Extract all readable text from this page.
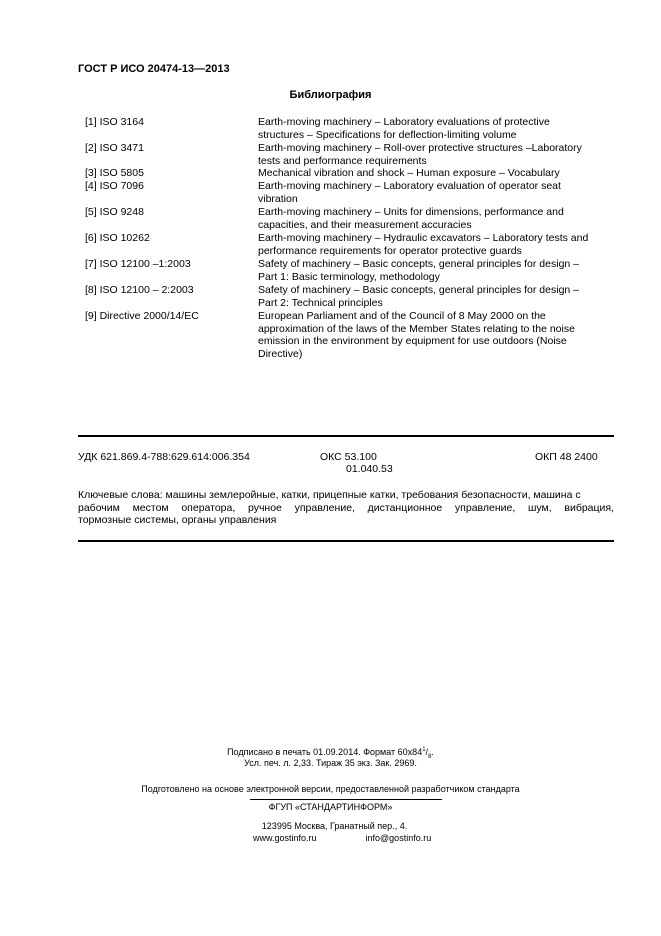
ГОСТ Р ИСО 20474-13—2013
Библиография
[1] ISO 3164	Earth-moving machinery – Laboratory evaluations of protective
structures – Specifications for deflection-limiting volume
[2] ISO 3471	Earth-moving machinery – Roll-over protective structures –Laboratory
tests and performance requirements
[3] ISO 5805	Mechanical vibration and shock – Human exposure – Vocabulary
[4] ISO 7096	Earth-moving machinery – Laboratory evaluation of operator seat
vibration
[5] ISO 9248	Earth-moving machinery – Units for dimensions, performance and
capacities, and their measurement accuracies
[6] ISO 10262	Earth-moving machinery – Hydraulic excavators – Laboratory tests and
performance requirements for operator protective guards
[7] ISO 12100 –1:2003	Safety of machinery – Basic concepts, general principles for design –
Part 1: Basic terminology, methodology
[8] ISO 12100 – 2:2003	Safety of machinery – Basic concepts, general principles for design –
Part 2: Technical principles
[9] Directive 2000/14/EC	European Parliament and of the Council of 8 May 2000 on the
approximation of the laws of the Member States relating to the noise
emission in the environment by equipment for use outdoors (Noise
Directive)
УДК 621.869.4-788:629.614:006.354	ОКС 53.100
01.040.53
ОКП 48 2400
Ключевые слова: машины землеройные, катки, прицепные катки, требования безопасности, машина с
рабочим местом оператора, ручное управление, дистанционное управление, шум, вибрация,
тормозные системы, органы управления
Подписано в печать 01.09.2014. Формат $60x84^1/_8$.
Усл. печ. л. 2,33. Тираж 35 экз. Зак. 2969.
Подготовлено на основе электронной версии, предоставленной разработчиком стандарта
ФГУП «СТАНДАРТИНФОРМ»
123995 Москва, Гранатный пер., 4.
www.gostinfo.ru	info@gostinfo.ru
